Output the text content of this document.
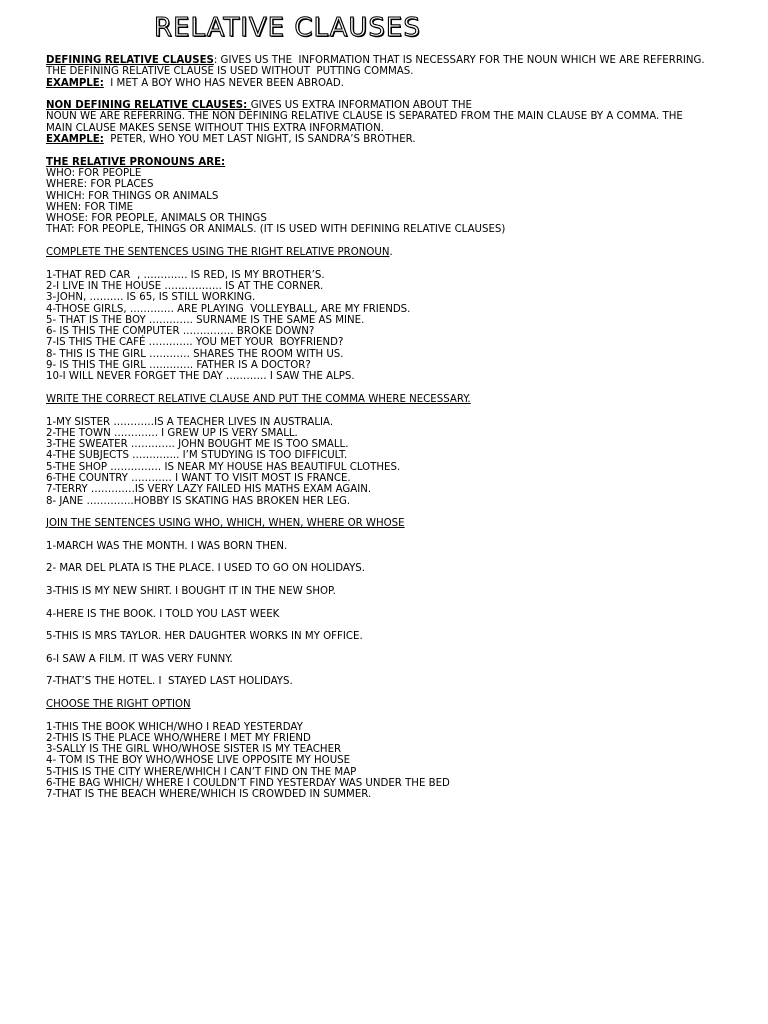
RELATIVE CLAUSES
DEFINING RELATIVE CLAUSES: GIVES US THE  INFORMATION THAT IS NECESSARY FOR THE NOUN WHICH WE ARE REFERRING.
THE DEFINING RELATIVE CLAUSE IS USED WITHOUT  PUTTING COMMAS.
EXAMPLE:  I MET A BOY WHO HAS NEVER BEEN ABROAD.
NON DEFINING RELATIVE CLAUSES: GIVES US EXTRA INFORMATION ABOUT THE
NOUN WE ARE REFERRING. THE NON DEFINING RELATIVE CLAUSE IS SEPARATED FROM THE MAIN CLAUSE BY A COMMA. THE
MAIN CLAUSE MAKES SENSE WITHOUT THIS EXTRA INFORMATION.
EXAMPLE:  PETER, WHO YOU MET LAST NIGHT, IS SANDRA’S BROTHER.
THE RELATIVE PRONOUNS ARE:
WHO: FOR PEOPLE
WHERE: FOR PLACES
WHICH: FOR THINGS OR ANIMALS
WHEN: FOR TIME
WHOSE: FOR PEOPLE, ANIMALS OR THINGS
THAT: FOR PEOPLE, THINGS OR ANIMALS. (IT IS USED WITH DEFINING RELATIVE CLAUSES)
COMPLETE THE SENTENCES USING THE RIGHT RELATIVE PRONOUN.
1-THAT RED CAR  , …………. IS RED, IS MY BROTHER’S.
2-I LIVE IN THE HOUSE …………….. IS AT THE CORNER.
3-JOHN, ………. IS 65, IS STILL WORKING.
4-THOSE GIRLS, …………. ARE PLAYING  VOLLEYBALL, ARE MY FRIENDS.
5- THAT IS THE BOY …………. SURNAME IS THE SAME AS MINE.
6- IS THIS THE COMPUTER …………… BROKE DOWN?
7-IS THIS THE CAFÉ …………. YOU MET YOUR  BOYFRIEND?
8- THIS IS THE GIRL ………… SHARES THE ROOM WITH US.
9- IS THIS THE GIRL …………. FATHER IS A DOCTOR?
10-I WILL NEVER FORGET THE DAY ………… I SAW THE ALPS.
WRITE THE CORRECT RELATIVE CLAUSE AND PUT THE COMMA WHERE NECESSARY.
1-MY SISTER …………IS A TEACHER LIVES IN AUSTRALIA.
2-THE TOWN …………. I GREW UP IS VERY SMALL.
3-THE SWEATER …………. JOHN BOUGHT ME IS TOO SMALL.
4-THE SUBJECTS ………….. I’M STUDYING IS TOO DIFFICULT.
5-THE SHOP …………… IS NEAR MY HOUSE HAS BEAUTIFUL CLOTHES.
6-THE COUNTRY ………… I WANT TO VISIT MOST IS FRANCE.
7-TERRY ………….IS VERY LAZY FAILED HIS MATHS EXAM AGAIN.
8- JANE …………..HOBBY IS SKATING HAS BROKEN HER LEG.
JOIN THE SENTENCES USING WHO, WHICH, WHEN, WHERE OR WHOSE
1-MARCH WAS THE MONTH. I WAS BORN THEN.
2- MAR DEL PLATA IS THE PLACE. I USED TO GO ON HOLIDAYS.
3-THIS IS MY NEW SHIRT. I BOUGHT IT IN THE NEW SHOP.
4-HERE IS THE BOOK. I TOLD YOU LAST WEEK
5-THIS IS MRS TAYLOR. HER DAUGHTER WORKS IN MY OFFICE.
6-I SAW A FILM. IT WAS VERY FUNNY.
7-THAT’S THE HOTEL. I  STAYED LAST HOLIDAYS.
CHOOSE THE RIGHT OPTION
1-THIS THE BOOK WHICH/WHO I READ YESTERDAY
2-THIS IS THE PLACE WHO/WHERE I MET MY FRIEND
3-SALLY IS THE GIRL WHO/WHOSE SISTER IS MY TEACHER
4- TOM IS THE BOY WHO/WHOSE LIVE OPPOSITE MY HOUSE
5-THIS IS THE CITY WHERE/WHICH I CAN’T FIND ON THE MAP
6-THE BAG WHICH/ WHERE I COULDN’T FIND YESTERDAY WAS UNDER THE BED
7-THAT IS THE BEACH WHERE/WHICH IS CROWDED IN SUMMER.
